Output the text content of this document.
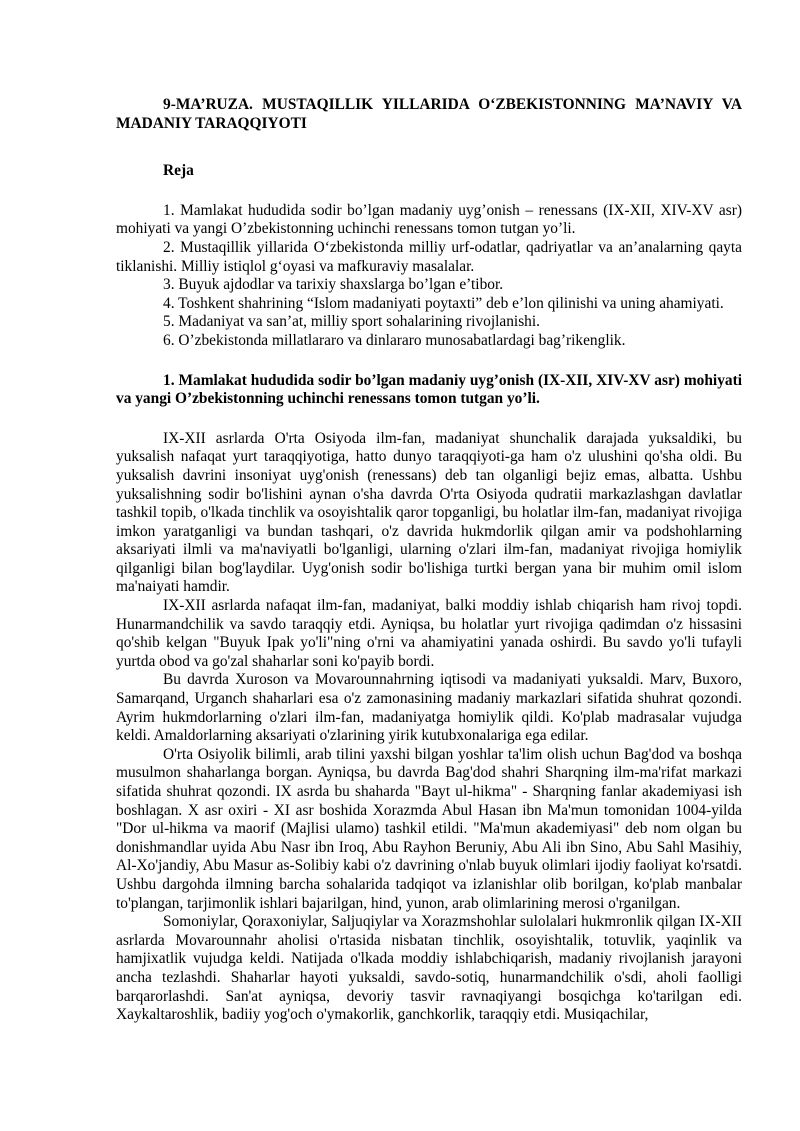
9-MA’RUZA. MUSTAQILLIK YILLARIDA O‘ZBEKISTONNING MA’NAVIY VA MADANIY TARAQQIYOTI

Reja

1. Mamlakat hududida sodir bo’lgan madaniy uyg’onish – renessans (IX-XII, XIV-XV asr) mohiyati va yangi O’zbekistonning uchinchi renessans tomon tutgan yo’li.
2. Mustaqillik yillarida O‘zbekistonda milliy urf-odatlar, qadriyatlar va an’analarning qayta tiklanishi. Milliy istiqlol g‘oyasi va mafkuraviy masalalar.
3. Buyuk ajdodlar va tarixiy shaxslarga bo’lgan e’tibor.
4. Toshkent shahrining “Islom madaniyati poytaxti” deb e’lon qilinishi va uning ahamiyati.
5. Madaniyat va san’at, milliy sport sohalarining rivojlanishi.
6. O’zbekistonda millatlararo va dinlararo munosabatlardagi bag’rikenglik.

1. Mamlakat hududida sodir bo’lgan madaniy uyg’onish (IX-XII, XIV-XV asr) mohiyati va yangi O’zbekistonning uchinchi renessans tomon tutgan yo’li.

IX-XII asrlarda O'rta Osiyoda ilm-fan, madaniyat shunchalik darajada yuksaldiki, bu yuksalish nafaqat yurt taraqqiyotiga, hatto dunyo taraqqiyoti-ga ham o'z ulushini qo'sha oldi. Bu yuksalish davrini insoniyat uyg'onish (renessans) deb tan olganligi bejiz emas, albatta. Ushbu yuksalishning sodir bo'lishini aynan o'sha davrda O'rta Osiyoda qudratii markazlashgan davlatlar tashkil topib, o'lkada tinchlik va osoyishtalik qaror topganligi, bu holatlar ilm-fan, madaniyat rivojiga imkon yaratganligi va bundan tashqari, o'z davrida hukmdorlik qilgan amir va podshohlarning aksariyati ilmli va ma'naviyatli bo'lganligi, ularning o'zlari ilm-fan, madaniyat rivojiga homiylik qilganligi bilan bog'laydilar. Uyg'onish sodir bo'lishiga turtki bergan yana bir muhim omil islom ma'naiyati hamdir.

IX-XII asrlarda nafaqat ilm-fan, madaniyat, balki moddiy ishlab chiqarish ham rivoj topdi. Hunarmandchilik va savdo taraqqiy etdi. Ayniqsa, bu holatlar yurt rivojiga qadimdan o'z hissasini qo'shib kelgan "Buyuk Ipak yo'li"ning o'rni va ahamiyatini yanada oshirdi. Bu savdo yo'li tufayli yurtda obod va go'zal shaharlar soni ko'payib bordi.

Bu davrda Xuroson va Movarounnahrning iqtisodi va madaniyati yuksaldi. Marv, Buxoro, Samarqand, Urganch shaharlari esa o'z zamonasining madaniy markazlari sifatida shuhrat qozondi. Ayrim hukmdorlarning o'zlari ilm-fan, madaniyatga homiylik qildi. Ko'plab madrasalar vujudga keldi. Amaldorlarning aksariyati o'zlarining yirik kutubxonalariga ega edilar.

O'rta Osiyolik bilimli, arab tilini yaxshi bilgan yoshlar ta'lim olish uchun Bag'dod va boshqa musulmon shaharlanga borgan. Ayniqsa, bu davrda Bag'dod shahri Sharqning ilm-ma'rifat markazi sifatida shuhrat qozondi. IX asrda bu shaharda "Bayt ul-hikma" - Sharqning fanlar akademiyasi ish boshlagan. X asr oxiri - XI asr boshida Xorazmda Abul Hasan ibn Ma'mun tomonidan 1004-yilda "Dor ul-hikma va maorif (Majlisi ulamo) tashkil etildi. "Ma'mun akademiyasi" deb nom olgan bu donishmandlar uyida Abu Nasr ibn Iroq, Abu Rayhon Beruniy, Abu Ali ibn Sino, Abu Sahl Masihiy, Al-Xo'jandiy, Abu Masur as-Solibiy kabi o'z davrining o'nlab buyuk olimlari ijodiy faoliyat ko'rsatdi. Ushbu dargohda ilmning barcha sohalarida tadqiqot va izlanishlar olib borilgan, ko'plab manbalar to'plangan, tarjimonlik ishlari bajarilgan, hind, yunon, arab olimlarining merosi o'rganilgan.

Somoniylar, Qoraxoniylar, Saljuqiylar va Xorazmshohlar sulolalari hukmronlik qilgan IX-XII asrlarda Movarounnahr aholisi o'rtasida nisbatan tinchlik, osoyishtalik, totuvlik, yaqinlik va hamjixatlik vujudga keldi. Natijada o'lkada moddiy ishlabchiqarish, madaniy rivojlanish jarayoni ancha tezlashdi. Shaharlar hayoti yuksaldi, savdo-sotiq, hunarmandchilik o'sdi, aholi faolligi barqarorlashdi. San'at ayniqsa, devoriy tasvir ravnaqiyangi bosqichga ko'tarilgan edi. Xaykaltaroshlik, badiiy yog'och o'ymakorlik, ganchkorlik, taraqqiy etdi. Musiqachilar,
